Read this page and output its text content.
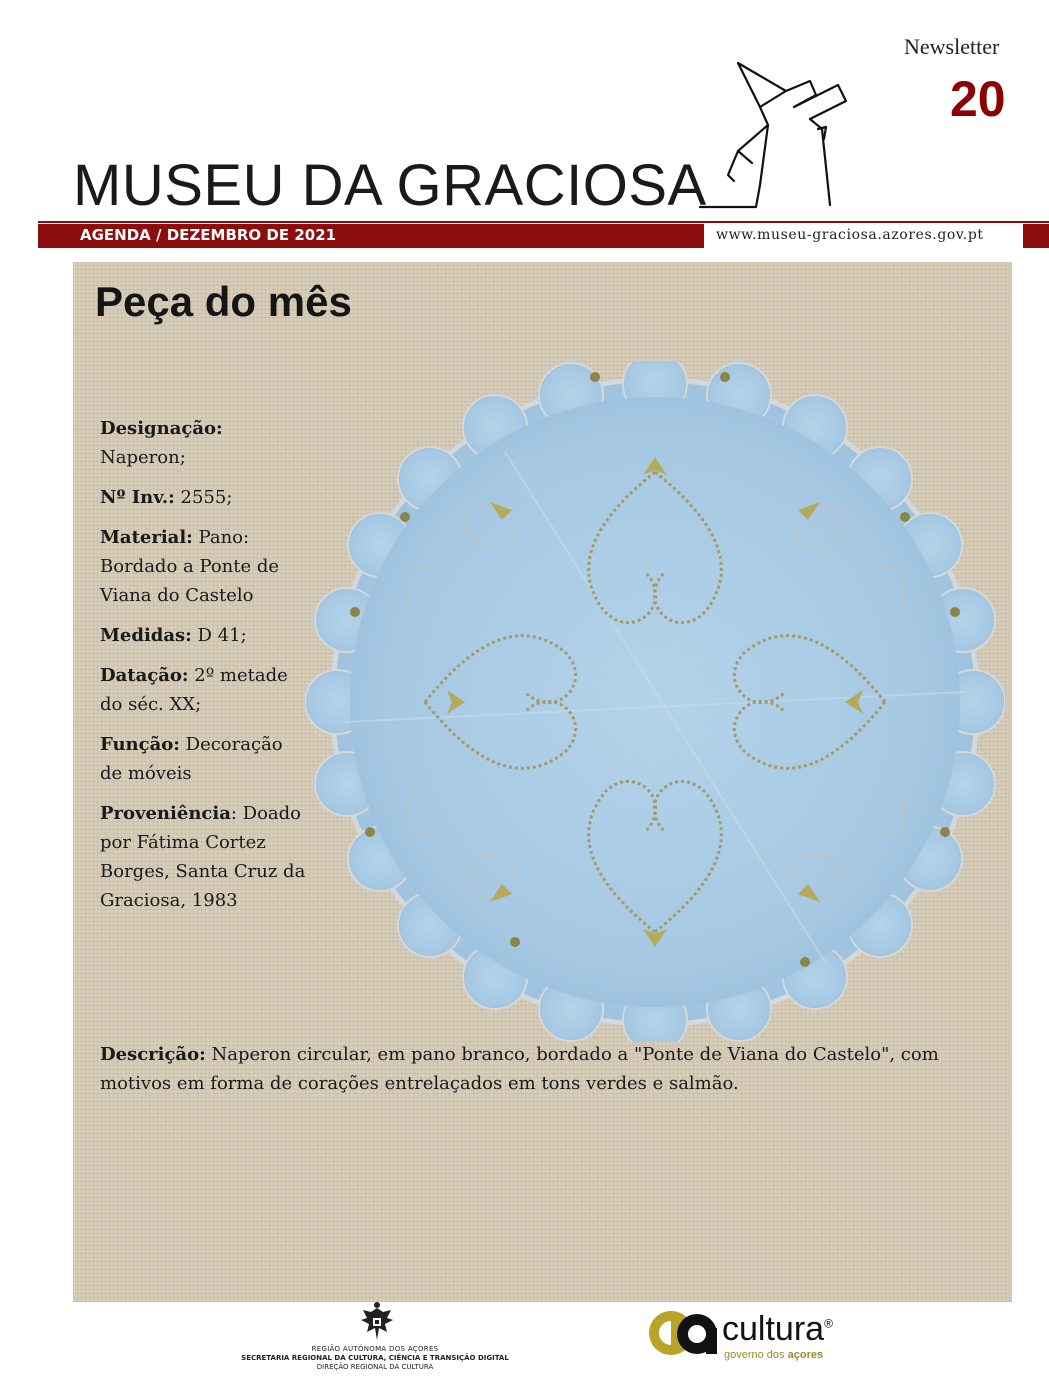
Newsletter
20
MUSEU DA GRACIOSA
AGENDA / DEZEMBRO DE 2021	www.museu-graciosa.azores.gov.pt
Peça do mês
Designação: Naperon;
Nº Inv.: 2555;
Material: Pano: Bordado a Ponte de Viana do Castelo
Medidas: D 41;
Datação: 2º metade do séc. XX;
Função: Decoração de móveis
Proveniência: Doado por Fátima Cortez Borges, Santa Cruz da Graciosa, 1983
Descrição: Naperon circular, em pano branco, bordado a "Ponte de Viana do Castelo", com motivos em forma de corações entrelaçados em tons verdes e salmão.
REGIÃO AUTÓNOMA DOS AÇORES
SECRETARIA REGIONAL DA CULTURA, CIÊNCIA E TRANSIÇÃO DIGITAL
DIREÇÃO REGIONAL DA CULTURA
cultura®
governo dos açores
